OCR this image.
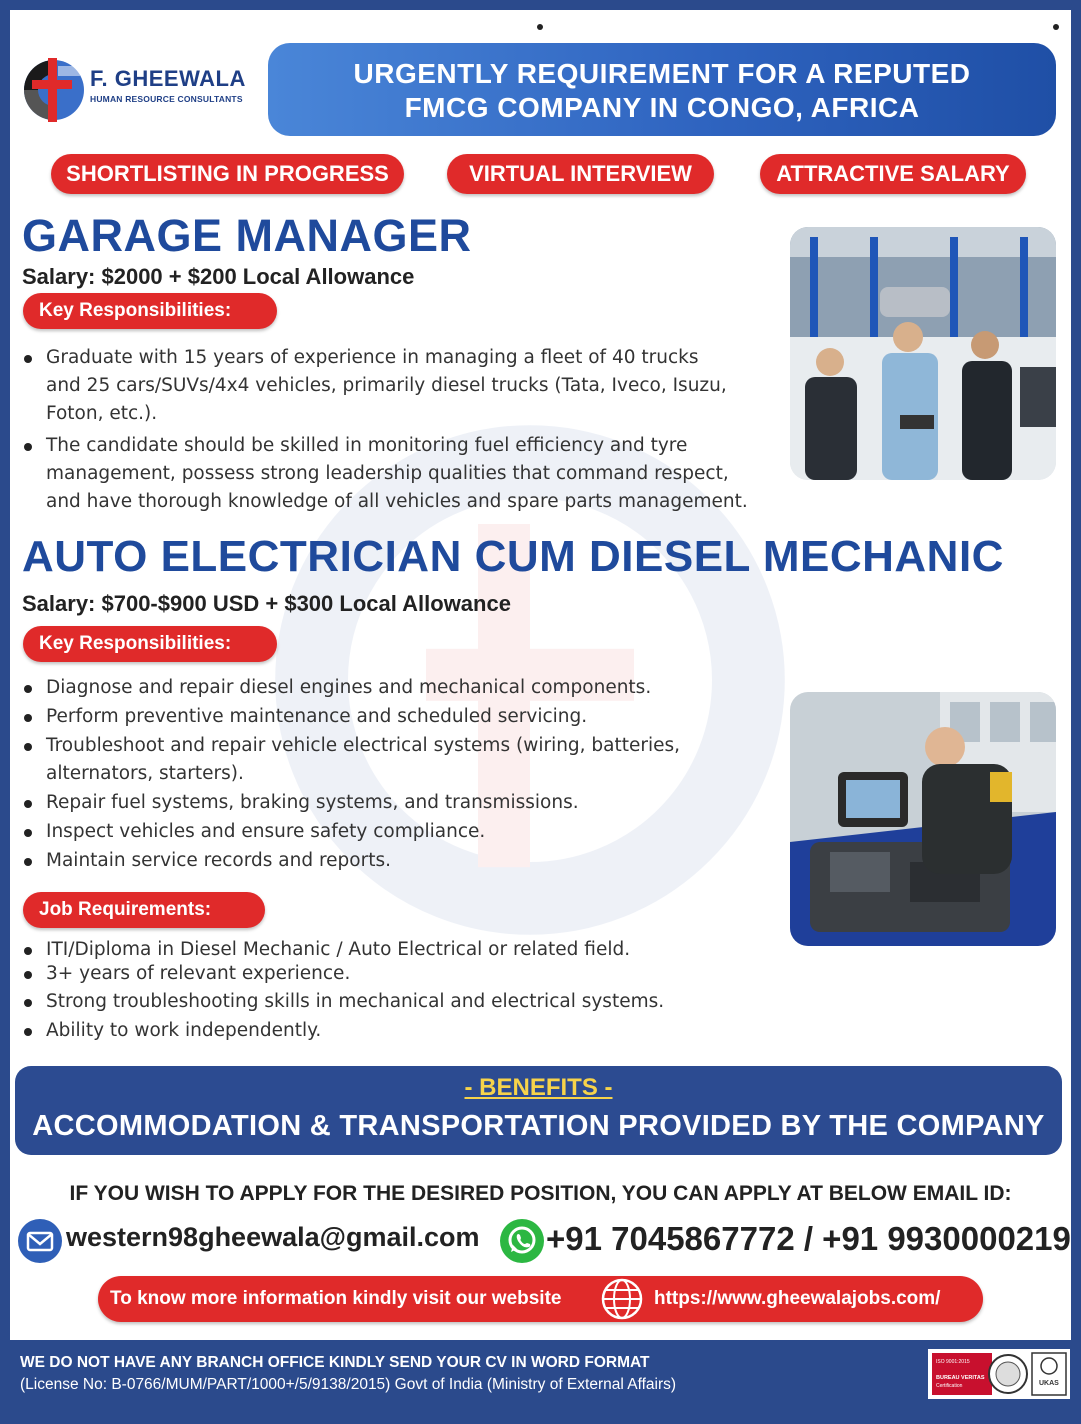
F. GHEEWALA
HUMAN RESOURCE CONSULTANTS
URGENTLY REQUIREMENT FOR A REPUTED
FMCG COMPANY IN CONGO, AFRICA
SHORTLISTING IN PROGRESS	VIRTUAL INTERVIEW	ATTRACTIVE SALARY
GARAGE MANAGER
Salary: $2000 + $200 Local Allowance
Key Responsibilities:
Graduate with 15 years of experience in managing a fleet of 40 trucks
and 25 cars/SUVs/4x4 vehicles, primarily diesel trucks (Tata, Iveco, Isuzu,
Foton, etc.).
The candidate should be skilled in monitoring fuel efficiency and tyre
management, possess strong leadership qualities that command respect,
and have thorough knowledge of all vehicles and spare parts management.
AUTO ELECTRICIAN CUM DIESEL MECHANIC
Salary: $700-$900 USD + $300 Local Allowance
Key Responsibilities:
Diagnose and repair diesel engines and mechanical components.
Perform preventive maintenance and scheduled servicing.
Troubleshoot and repair vehicle electrical systems (wiring, batteries,
alternators, starters).
Repair fuel systems, braking systems, and transmissions.
Inspect vehicles and ensure safety compliance.
Maintain service records and reports.
Job Requirements:
ITI/Diploma in Diesel Mechanic / Auto Electrical or related field.
3+ years of relevant experience.
Strong troubleshooting skills in mechanical and electrical systems.
Ability to work independently.
- BENEFITS -
ACCOMMODATION & TRANSPORTATION PROVIDED BY THE COMPANY
IF YOU WISH TO APPLY FOR THE DESIRED POSITION, YOU CAN APPLY AT BELOW EMAIL ID:
western98gheewala@gmail.com +91 7045867772 / +91 9930000219
To know more information kindly visit our website	https://www.gheewalajobs.com/
WE DO NOT HAVE ANY BRANCH OFFICE KINDLY SEND YOUR CV IN WORD FORMAT
(License No: B-0766/MUM/PART/1000+/5/9138/2015) Govt of India (Ministry of External Affairs)
ISO 9001:2015
BUREAU VERITAS
Certification	UKAS
